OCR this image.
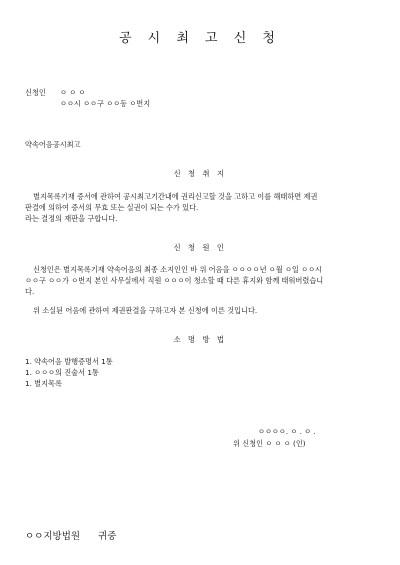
공 시 최 고 신 청
신청인 ㅇ ㅇ ㅇ
ㅇㅇ시 ㅇㅇ구 ㅇㅇ동 ㅇ번지
약속어음공시최고
신 청 취 지
별지목록기재 증서에 관하여 공시최고기간내에 권리신고할 것을 고하고 이를 해태하면 제권
판결에 의하여 증서의 무효 또는 실권이 되는 수가 있다.
라는 결정의 재판을 구합니다.
신 청 원 인
신청인은 별지목록기재 약속어음의 최종 소지인인 바 위 어음을 ㅇㅇㅇㅇ년 ㅇ월 ㅇ일 ㅇㅇ시
ㅇㅇ구 ㅇㅇ가 ㅇ번지 본인 사무실에서 직원 ㅇㅇㅇ이 청소할 때 다른 휴지와 함께 태워버렸습니
다.
위 소실된 어음에 관하여 제권판결을 구하고자 본 신청에 이른 것입니다.
소 명 방 법
1. 약속어음 발행증명서 1통
1. ㅇㅇㅇ의 진술서 1통
1. 별지목록
ㅇㅇㅇㅇ. ㅇ . ㅇ .
위 신청인 ㅇ ㅇ ㅇ (인)
ㅇㅇ지방법원 귀중
